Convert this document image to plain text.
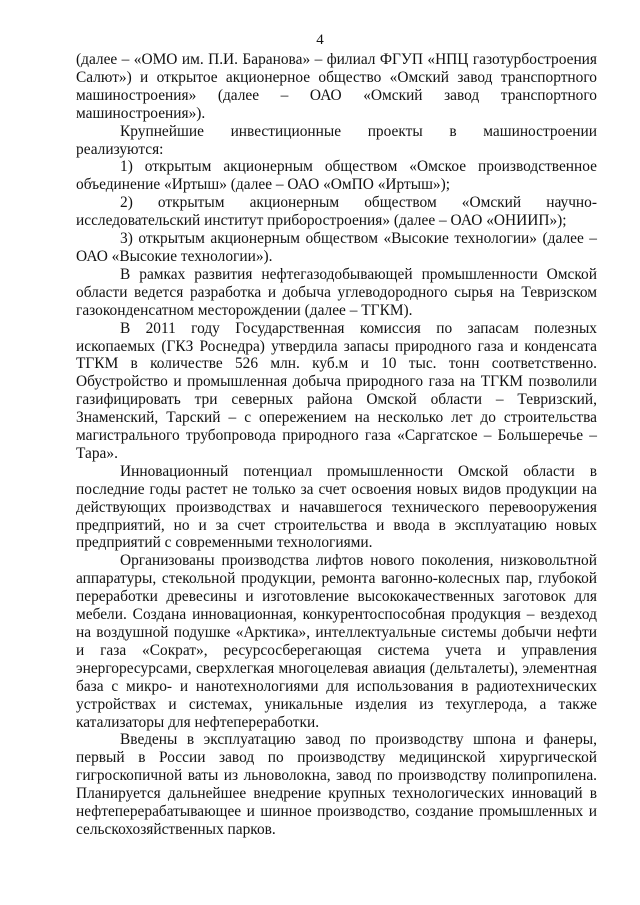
4

(далее – «ОМО им. П.И. Баранова» – филиал ФГУП «НПЦ газотурбостроения Салют») и открытое акционерное общество «Омский завод транспортного машиностроения» (далее – ОАО «Омский завод транспортного машиностроения»).

Крупнейшие инвестиционные проекты в машиностроении реализуются:

1) открытым акционерным обществом «Омское производственное объединение «Иртыш» (далее – ОАО «ОмПО «Иртыш»);

2) открытым акционерным обществом «Омский научно-исследовательский институт приборостроения» (далее – ОАО «ОНИИП»);

3) открытым акционерным обществом «Высокие технологии» (далее – ОАО «Высокие технологии»).

В рамках развития нефтегазодобывающей промышленности Омской области ведется разработка и добыча углеводородного сырья на Тевризском газоконденсатном месторождении (далее – ТГКМ).

В 2011 году Государственная комиссия по запасам полезных ископаемых (ГКЗ Роснедра) утвердила запасы природного газа и конденсата ТГКМ в количестве 526 млн. куб.м и 10 тыс. тонн соответственно. Обустройство и промышленная добыча природного газа на ТГКМ позволили газифицировать три северных района Омской области – Тевризский, Знаменский, Тарский – с опережением на несколько лет до строительства магистрального трубопровода природного газа «Саргатское – Большеречье – Тара».

Инновационный потенциал промышленности Омской области в последние годы растет не только за счет освоения новых видов продукции на действующих производствах и начавшегося технического перевооружения предприятий, но и за счет строительства и ввода в эксплуатацию новых предприятий с современными технологиями.

Организованы производства лифтов нового поколения, низковольтной аппаратуры, стекольной продукции, ремонта вагонно-колесных пар, глубокой переработки древесины и изготовление высококачественных заготовок для мебели. Создана инновационная, конкурентоспособная продукция – вездеход на воздушной подушке «Арктика», интеллектуальные системы добычи нефти и газа «Сократ», ресурсосберегающая система учета и управления энергоресурсами, сверхлегкая многоцелевая авиация (дельталеты), элементная база с микро- и нанотехнологиями для использования в радиотехнических устройствах и системах, уникальные изделия из техуглерода, а также катализаторы для нефтепереработки.

Введены в эксплуатацию завод по производству шпона и фанеры, первый в России завод по производству медицинской хирургической гигроскопичной ваты из льноволокна, завод по производству полипропилена. Планируется дальнейшее внедрение крупных технологических инноваций в нефтеперерабатывающее и шинное производство, создание промышленных и сельскохозяйственных парков.
